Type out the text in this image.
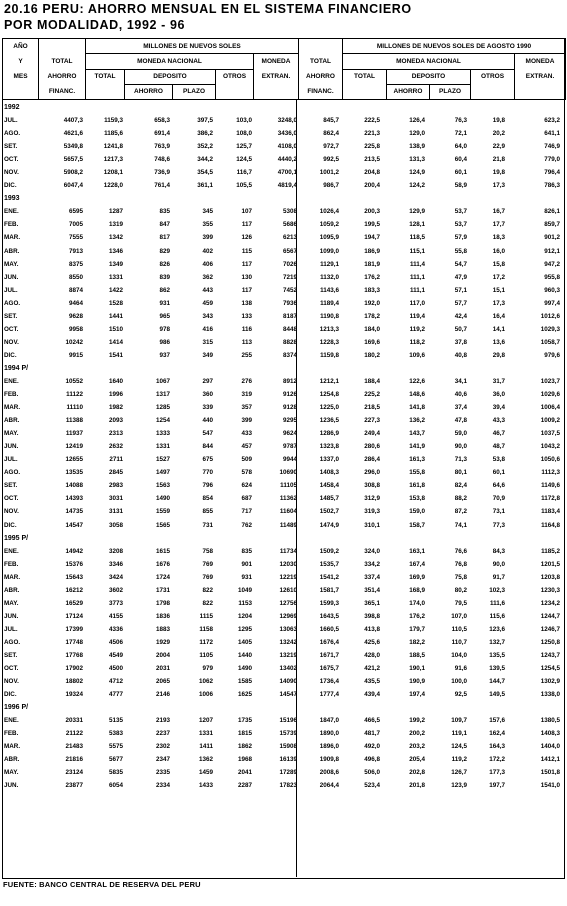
20.16 PERU: AHORRO MENSUAL EN EL SISTEMA FINANCIERO
POR MODALIDAD, 1992 - 96
AÑO		MILLONES DE NUEVOS SOLES						MILLONES DE NUEVOS SOLES DE AGOSTO 1990				
Y	TOTAL	MONEDA NACIONAL				MONEDA	TOTAL	MONEDA NACIONAL				MONEDA
MES	AHORRO	TOTAL	DEPOSITO		OTROS	EXTRAN.	AHORRO	TOTAL	DEPOSITO		OTROS	EXTRAN.
	FINANC.		AHORRO	PLAZO			FINANC.		AHORRO	PLAZO		
1992
JUL.	4407,3	1159,3	658,3	397,5	103,0	3248,0	845,7	222,5	126,4	76,3	19,8	623,2
AGO.	4621,6	1185,6	691,4	386,2	108,0	3436,0	862,4	221,3	129,0	72,1	20,2	641,1
SET.	5349,8	1241,8	763,9	352,2	125,7	4108,0	972,7	225,8	138,9	64,0	22,9	746,9
OCT.	5657,5	1217,3	748,6	344,2	124,5	4440,2	992,5	213,5	131,3	60,4	21,8	779,0
NOV.	5908,2	1208,1	736,9	354,5	116,7	4700,1	1001,2	204,8	124,9	60,1	19,8	796,4
DIC.	6047,4	1228,0	761,4	361,1	105,5	4819,4	986,7	200,4	124,2	58,9	17,3	786,3
1993
ENE.	6595	1287	835	345	107	5308	1026,4	200,3	129,9	53,7	16,7	826,1
FEB.	7005	1319	847	355	117	5686	1059,2	199,5	128,1	53,7	17,7	859,7
MAR.	7555	1342	817	399	126	6213	1095,9	194,7	118,5	57,9	18,3	901,2
ABR.	7913	1346	829	402	115	6567	1099,0	186,9	115,1	55,8	16,0	912,1
MAY.	8375	1349	826	406	117	7026	1129,1	181,9	111,4	54,7	15,8	947,2
JUN.	8550	1331	839	362	130	7219	1132,0	176,2	111,1	47,9	17,2	955,8
JUL.	8874	1422	862	443	117	7452	1143,6	183,3	111,1	57,1	15,1	960,3
AGO.	9464	1528	931	459	138	7936	1189,4	192,0	117,0	57,7	17,3	997,4
SET.	9628	1441	965	343	133	8187	1190,8	178,2	119,4	42,4	16,4	1012,6
OCT.	9958	1510	978	416	116	8448	1213,3	184,0	119,2	50,7	14,1	1029,3
NOV.	10242	1414	986	315	113	8828	1228,3	169,6	118,2	37,8	13,6	1058,7
DIC.	9915	1541	937	349	255	8374	1159,8	180,2	109,6	40,8	29,8	979,6
1994 P/
ENE.	10552	1640	1067	297	276	8912	1212,1	188,4	122,6	34,1	31,7	1023,7
FEB.	11122	1996	1317	360	319	9126	1254,8	225,2	148,6	40,6	36,0	1029,6
MAR.	11110	1982	1285	339	357	9128	1225,0	218,5	141,8	37,4	39,4	1006,4
ABR.	11388	2093	1254	440	399	9295	1236,5	227,3	136,2	47,8	43,3	1009,2
MAY.	11937	2313	1333	547	433	9624	1286,9	249,4	143,7	59,0	46,7	1037,5
JUN.	12419	2632	1331	844	457	9787	1323,8	280,6	141,9	90,0	48,7	1043,2
JUL.	12655	2711	1527	675	509	9944	1337,0	286,4	161,3	71,3	53,8	1050,6
AGO.	13535	2845	1497	770	578	10690	1408,3	296,0	155,8	80,1	60,1	1112,3
SET.	14088	2983	1563	796	624	11105	1458,4	308,8	161,8	82,4	64,6	1149,6
OCT.	14393	3031	1490	854	687	11362	1485,7	312,9	153,8	88,2	70,9	1172,8
NOV.	14735	3131	1559	855	717	11604	1502,7	319,3	159,0	87,2	73,1	1183,4
DIC.	14547	3058	1565	731	762	11489	1474,9	310,1	158,7	74,1	77,3	1164,8
1995 P/
ENE.	14942	3208	1615	758	835	11734	1509,2	324,0	163,1	76,6	84,3	1185,2
FEB.	15376	3346	1676	769	901	12030	1535,7	334,2	167,4	76,8	90,0	1201,5
MAR.	15643	3424	1724	769	931	12219	1541,2	337,4	169,9	75,8	91,7	1203,8
ABR.	16212	3602	1731	822	1049	12610	1581,7	351,4	168,9	80,2	102,3	1230,3
MAY.	16529	3773	1798	822	1153	12756	1599,3	365,1	174,0	79,5	111,6	1234,2
JUN.	17124	4155	1836	1115	1204	12969	1643,5	398,8	176,2	107,0	115,6	1244,7
JUL.	17399	4336	1883	1158	1295	13063	1660,5	413,8	179,7	110,5	123,6	1246,7
AGO.	17748	4506	1929	1172	1405	13242	1676,4	425,6	182,2	110,7	132,7	1250,8
SET.	17768	4549	2004	1105	1440	13219	1671,7	428,0	188,5	104,0	135,5	1243,7
OCT.	17902	4500	2031	979	1490	13402	1675,7	421,2	190,1	91,6	139,5	1254,5
NOV.	18802	4712	2065	1062	1585	14090	1736,4	435,5	190,9	100,0	144,7	1302,9
DIC.	19324	4777	2146	1006	1625	14547	1777,4	439,4	197,4	92,5	149,5	1338,0
1996 P/
ENE.	20331	5135	2193	1207	1735	15196	1847,0	466,5	199,2	109,7	157,6	1380,5
FEB.	21122	5383	2237	1331	1815	15739	1890,0	481,7	200,2	119,1	162,4	1408,3
MAR.	21483	5575	2302	1411	1862	15908	1896,0	492,0	203,2	124,5	164,3	1404,0
ABR.	21816	5677	2347	1362	1968	16139	1909,8	496,8	205,4	119,2	172,2	1412,1
MAY.	23124	5835	2335	1459	2041	17289	2008,6	506,0	202,8	126,7	177,3	1501,8
JUN.	23877	6054	2334	1433	2287	17823	2064,4	523,4	201,8	123,9	197,7	1541,0
FUENTE: BANCO CENTRAL DE RESERVA DEL PERU
